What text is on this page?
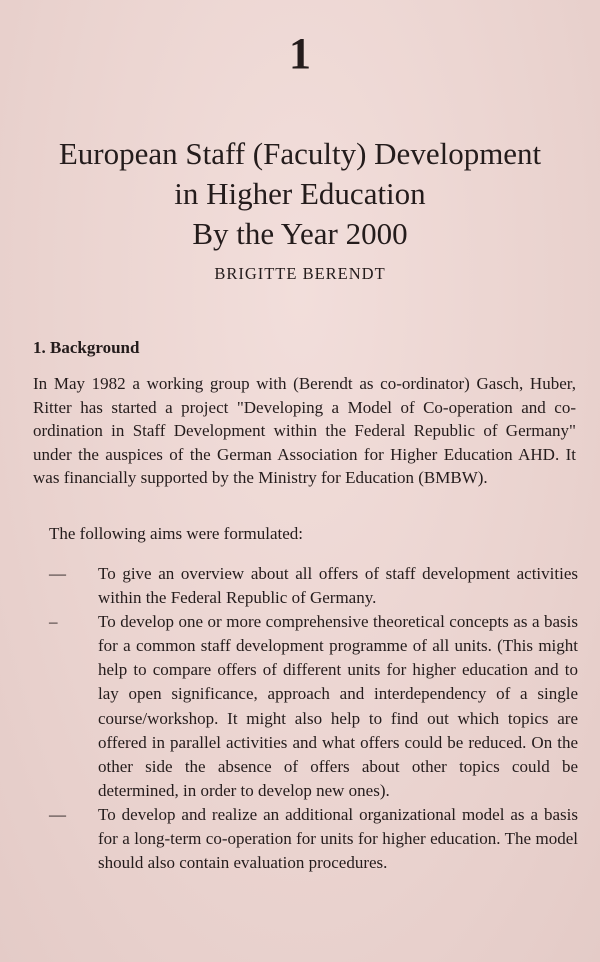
1
European Staff (Faculty) Development
in Higher Education
By the Year 2000
BRIGITTE BERENDT
1. Background

In May 1982 a working group with (Berendt as co-ordinator) Gasch, Huber, Ritter has started a project "Developing a Model of Co-operation and co-ordination in Staff Development within the Federal Republic of Germany" under the auspices of the German Association for Higher Education AHD. It was financially supported by the Ministry for Education (BMBW).

The following aims were formulated:

— To give an overview about all offers of staff development activities within the Federal Republic of Germany.
– To develop one or more comprehensive theoretical concepts as a basis for a common staff development programme of all units. (This might help to compare offers of different units for higher education and to lay open significance, approach and interdependency of a single course/workshop. It might also help to find out which topics are offered in parallel activities and what offers could be reduced. On the other side the absence of offers about other topics could be determined, in order to develop new ones).
— To develop and realize an additional organizational model as a basis for a long-term co-operation for units for higher education. The model should also contain evaluation procedures.
